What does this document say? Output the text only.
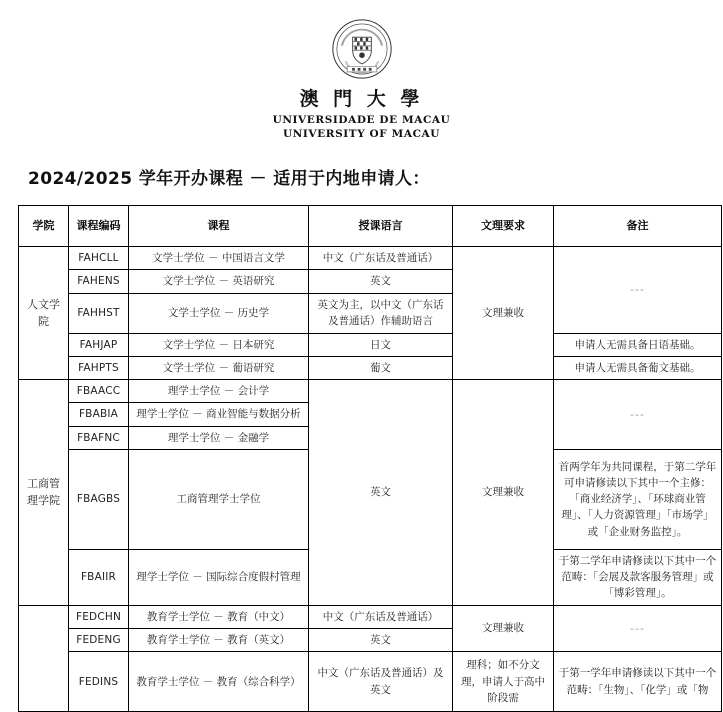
澳 門 大 學
UNIVERSIDADE DE MACAU
UNIVERSITY OF MACAU
2024/2025 学年开办课程 － 适用于内地申请人：
学院	课程编码	课程	授课语言	文理要求	备注
人文学院	FAHCLL	文学士学位 － 中国语言文学	中文（广东话及普通话）	文理兼收	---
	FAHENS	文学士学位 － 英语研究	英文		
	FAHHST	文学士学位 － 历史学	英文为主，以中文（广东话及普通话）作辅助语言		
	FAHJAP	文学士学位 － 日本研究	日文		申请人无需具备日语基础。
	FAHPTS	文学士学位 － 葡语研究	葡文		申请人无需具备葡文基础。
工商管理学院	FBAACC	理学士学位 － 会计学	英文	文理兼收	---
	FBABIA	理学士学位 － 商业智能与数据分析			
	FBAFNC	理学士学位 － 金融学			
	FBAGBS	工商管理学士学位			首两学年为共同课程，于第二学年可申请修读以下其中一个主修：「商业经济学」、「环球商业管理」、「人力资源管理」「市场学」或「企业财务监控」。
	FBAIIR	理学士学位 － 国际综合度假村管理			于第二学年申请修读以下其中一个范畴：「会展及款客服务管理」或「博彩管理」。
	FEDCHN	教育学士学位 － 教育（中文）	中文（广东话及普通话）	文理兼收	---
	FEDENG	教育学士学位 － 教育（英文）	英文		
	FEDINS	教育学士学位 － 教育（综合科学）	中文（广东话及普通话）及英文	理科；如不分文理，申请人于高中阶段需	于第一学年申请修读以下其中一个范畴：「生物」、「化学」或「物
